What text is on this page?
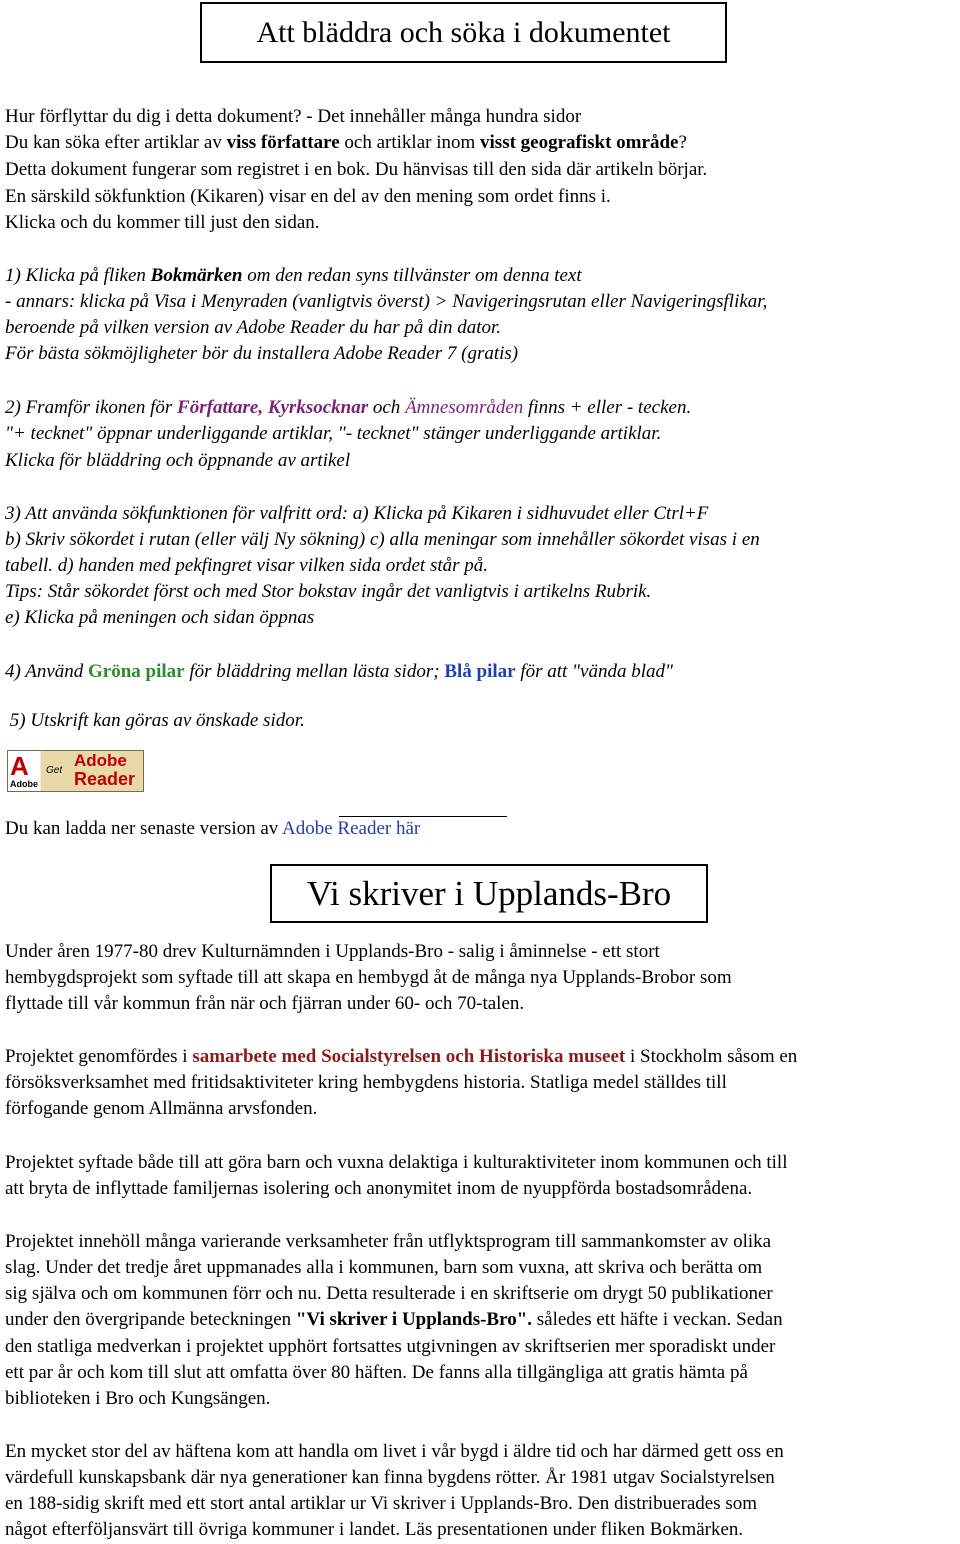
Att bläddra och söka i dokumentet
Hur förflyttar du dig i detta dokument? - Det innehåller många hundra sidor
Du kan söka efter artiklar av viss författare och artiklar inom visst geografiskt område?
Detta dokument fungerar som registret i en bok. Du hänvisas till den sida där artikeln börjar.
En särskild sökfunktion (Kikaren) visar en del av den mening som ordet finns i.
Klicka och du kommer till just den sidan.
1) Klicka på fliken Bokmärken om den redan syns tillvänster om denna text
- annars: klicka på Visa i Menyraden (vanligtvis överst) > Navigeringsrutan eller Navigeringsflikar,
beroende på vilken version av Adobe Reader du har på din dator.
För bästa sökmöjligheter bör du installera Adobe Reader 7 (gratis)
2) Framför ikonen för Författare, Kyrksocknar och Ämnesområden finns + eller - tecken.
"+ tecknet" öppnar underliggande artiklar, "- tecknet" stänger underliggande artiklar.
Klicka för bläddring och öppnande av artikel
3) Att använda sökfunktionen för valfritt ord: a) Klicka på Kikaren i sidhuvudet eller Ctrl+F
b) Skriv sökordet i rutan (eller välj Ny sökning) c) alla meningar som innehåller sökordet visas i en
tabell. d) handen med pekfingret visar vilken sida ordet står på.
Tips: Står sökordet först och med Stor bokstav ingår det vanligtvis i artikelns Rubrik.
e) Klicka på meningen och sidan öppnas
4) Använd Gröna pilar för bläddring mellan lästa sidor; Blå pilar för att "vända blad"
5) Utskrift kan göras av önskade sidor.
A
Adobe
Get
Adobe
Reader
Du kan ladda ner senaste version av Adobe Reader här
Vi skriver i Upplands-Bro
Under åren 1977-80 drev Kulturnämnden i Upplands-Bro - salig i åminnelse - ett stort
hembygdsprojekt som syftade till att skapa en hembygd åt de många nya Upplands-Brobor som
flyttade till vår kommun från när och fjärran under 60- och 70-talen.
Projektet genomfördes i samarbete med Socialstyrelsen och Historiska museet i Stockholm såsom en
försöksverksamhet med fritidsaktiviteter kring hembygdens historia. Statliga medel ställdes till
förfogande genom Allmänna arvsfonden.
Projektet syftade både till att göra barn och vuxna delaktiga i kulturaktiviteter inom kommunen och till
att bryta de inflyttade familjernas isolering och anonymitet inom de nyuppförda bostadsområdena.
Projektet innehöll många varierande verksamheter från utflyktsprogram till sammankomster av olika
slag. Under det tredje året uppmanades alla i kommunen, barn som vuxna, att skriva och berätta om
sig själva och om kommunen förr och nu. Detta resulterade i en skriftserie om drygt 50 publikationer
under den övergripande beteckningen "Vi skriver i Upplands-Bro". således ett häfte i veckan. Sedan
den statliga medverkan i projektet upphört fortsattes utgivningen av skriftserien mer sporadiskt under
ett par år och kom till slut att omfatta över 80 häften. De fanns alla tillgängliga att gratis hämta på
biblioteken i Bro och Kungsängen.
En mycket stor del av häftena kom att handla om livet i vår bygd i äldre tid och har därmed gett oss en
värdefull kunskapsbank där nya generationer kan finna bygdens rötter. År 1981 utgav Socialstyrelsen
en 188-sidig skrift med ett stort antal artiklar ur Vi skriver i Upplands-Bro. Den distribuerades som
något efterföljansvärt till övriga kommuner i landet. Läs presentationen under fliken Bokmärken.
